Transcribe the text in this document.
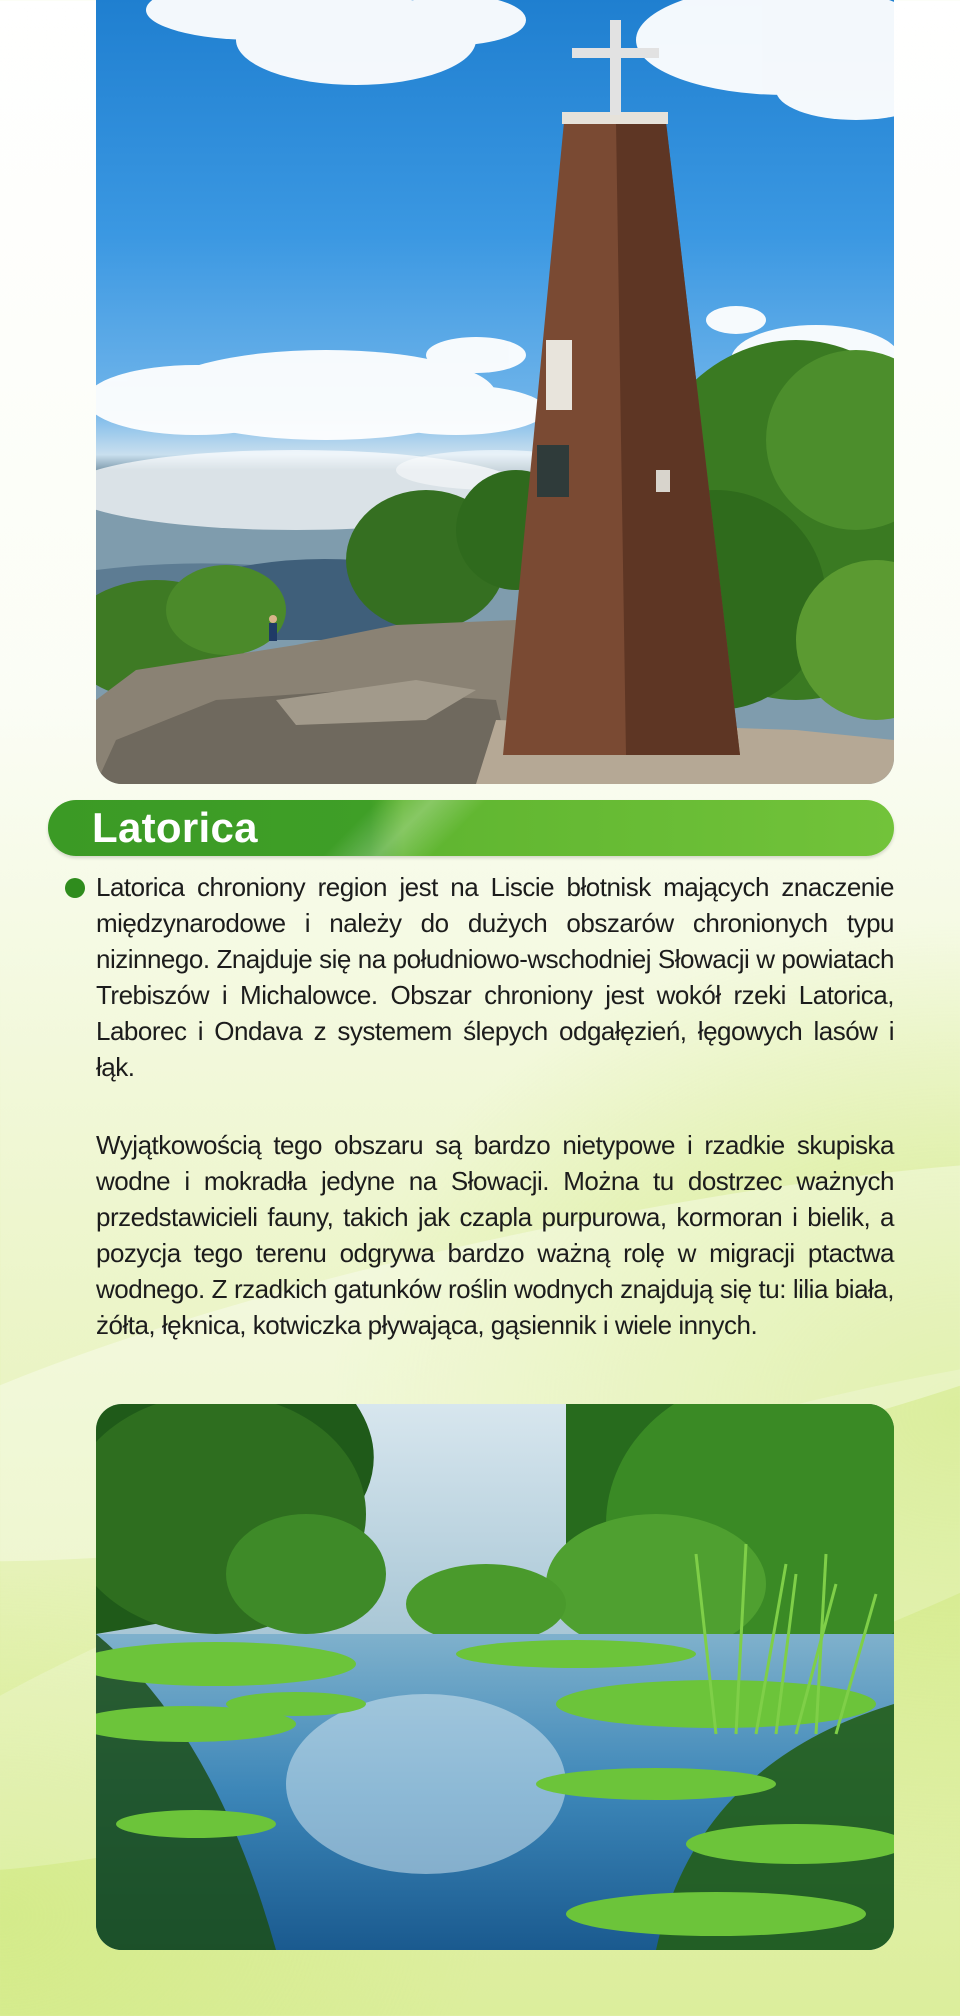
Latorica

Latorica chroniony region jest na Liscie błotnisk mających znaczenie międzynarodowe i należy do dużych obszarów chronionych typu nizinnego. Znajduje się na południowo-wschodniej Słowacji w powiatach Trebiszów i Michalowce. Obszar chroniony jest wokół rzeki Latorica, Laborec i Ondava z systemem ślepych odgałęzień, łęgowych lasów i łąk.

Wyjątkowością tego obszaru są bardzo nietypowe i rzadkie skupiska wodne i mokradła jedyne na Słowacji. Można tu dostrzec ważnych przedstawicieli fauny, takich jak czapla purpurowa, kormoran i bielik, a pozycja tego terenu odgrywa bardzo ważną rolę w migracji ptactwa wodnego. Z rzadkich gatunków roślin wodnych znajdują się tu: lilia biała, żółta, łęknica, kotwiczka pływająca, gąsiennik i wiele innych.
